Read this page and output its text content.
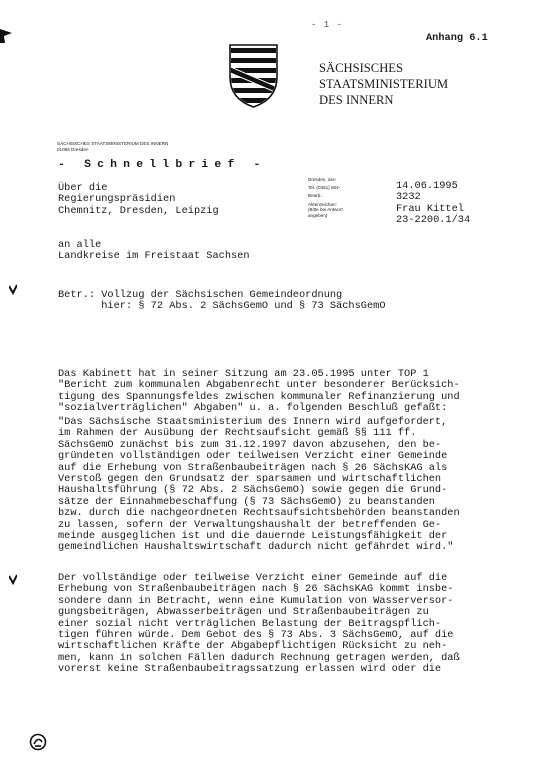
- 1 -
Anhang 6.1
SÄCHSISCHES
STAATSMINISTERIUM
DES INNERN
SÄCHSISCHES STAATSMINISTERIUM DES INNERN
01095 Dresden
- Schnellbrief -
Über die
Regierungspräsidien
Chemnitz, Dresden, Leipzig
Dresden, den
Tel. (0351) 564-
Bearb.:
Aktenzeichen:
(Bitte bei Antwort
angeben)
14.06.1995
3232
Frau Kittel
23-2200.1/34
an alle
Landkreise im Freistaat Sachsen
Betr.: Vollzug der Sächsischen Gemeindeordnung
hier: § 72 Abs. 2 SächsGemO und § 73 SächsGemO
Das Kabinett hat in seiner Sitzung am 23.05.1995 unter TOP 1
"Bericht zum kommunalen Abgabenrecht unter besonderer Berücksich-
tigung des Spannungsfeldes zwischen kommunaler Refinanzierung und
"sozialverträglichen" Abgaben" u. a. folgenden Beschluß gefaßt:
"Das Sächsische Staatsministerium des Innern wird aufgefordert,
im Rahmen der Ausübung der Rechtsaufsicht gemäß §§ 111 ff.
SächsGemO zunächst bis zum 31.12.1997 davon abzusehen, den be-
gründeten vollständigen oder teilweisen Verzicht einer Gemeinde
auf die Erhebung von Straßenbaubeiträgen nach § 26 SächsKAG als
Verstoß gegen den Grundsatz der sparsamen und wirtschaftlichen
Haushaltsführung (§ 72 Abs. 2 SächsGemO) sowie gegen die Grund-
sätze der Einnahmebeschaffung (§ 73 SächsGemO) zu beanstanden
bzw. durch die nachgeordneten Rechtsaufsichtsbehörden beanstanden
zu lassen, sofern der Verwaltungshaushalt der betreffenden Ge-
meinde ausgeglichen ist und die dauernde Leistungsfähigkeit der
gemeindlichen Haushaltswirtschaft dadurch nicht gefährdet wird."
Der vollständige oder teilweise Verzicht einer Gemeinde auf die
Erhebung von Straßenbaubeiträgen nach § 26 SächsKAG kommt insbe-
sondere dann in Betracht, wenn eine Kumulation von Wasserversor-
gungsbeiträgen, Abwasserbeiträgen und Straßenbaubeiträgen zu
einer sozial nicht verträglichen Belastung der Beitragspflich-
tigen führen würde. Dem Gebot des § 73 Abs. 3 SächsGemO, auf die
wirtschaftlichen Kräfte der Abgabepflichtigen Rücksicht zu neh-
men, kann in solchen Fällen dadurch Rechnung getragen werden, daß
vorerst keine Straßenbaubeitragssatzung erlassen wird oder die
